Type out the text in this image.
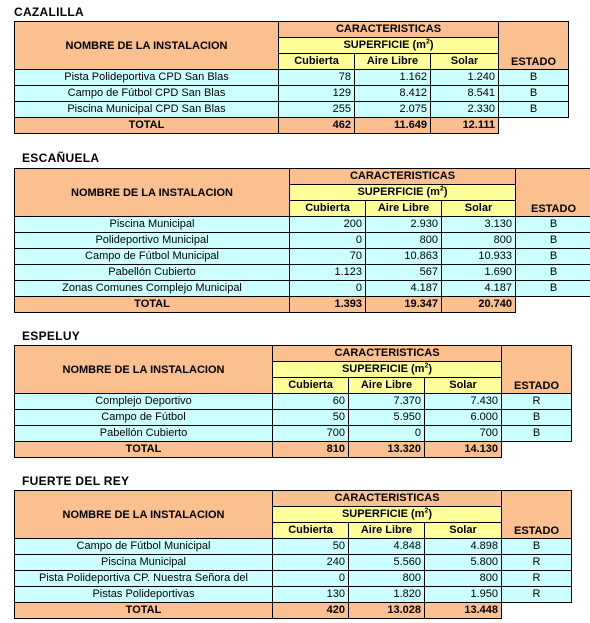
CAZALILLA
NOMBRE DE LA INSTALACION	CARACTERISTICAS			
	SUPERFICIE $(m^2)$			ESTADO
	Cubierta	Aire Libre	Solar	
Pista Polideportiva CPD San Blas	78	1.162	1.240	B
Campo de Fútbol CPD San Blas	129	8.412	8.541	B
Piscina Municipal CPD San Blas	255	2.075	2.330	B
TOTAL	462	11.649	12.111	
ESCAÑUELA
NOMBRE DE LA INSTALACION	CARACTERISTICAS			
	SUPERFICIE $(m^2)$			ESTADO
	Cubierta	Aire Libre	Solar	
Piscina Municipal	200	2.930	3.130	B
Polideportivo Municipal	0	800	800	B
Campo de Fútbol Municipal	70	10.863	10.933	B
Pabellón Cubierto	1.123	567	1.690	B
Zonas Comunes Complejo Municipal	0	4.187	4.187	B
TOTAL	1.393	19.347	20.740	
ESPELUY
NOMBRE DE LA INSTALACION	CARACTERISTICAS			
	SUPERFICIE $(m^2)$			ESTADO
	Cubierta	Aire Libre	Solar	
Complejo Deportivo	60	7.370	7.430	R
Campo de Fútbol	50	5.950	6.000	B
Pabellón Cubierto	700	0	700	B
TOTAL	810	13.320	14.130	
FUERTE DEL REY
NOMBRE DE LA INSTALACION	CARACTERISTICAS			
	SUPERFICIE $(m^2)$			ESTADO
	Cubierta	Aire Libre	Solar	
Campo de Fútbol Municipal	50	4.848	4.898	B
Piscina Municipal	240	5.560	5.800	R
Pista Polideportiva CP. Nuestra Señora del	0	800	800	R
Pistas Polideportivas	130	1.820	1.950	R
TOTAL	420	13.028	13.448	
